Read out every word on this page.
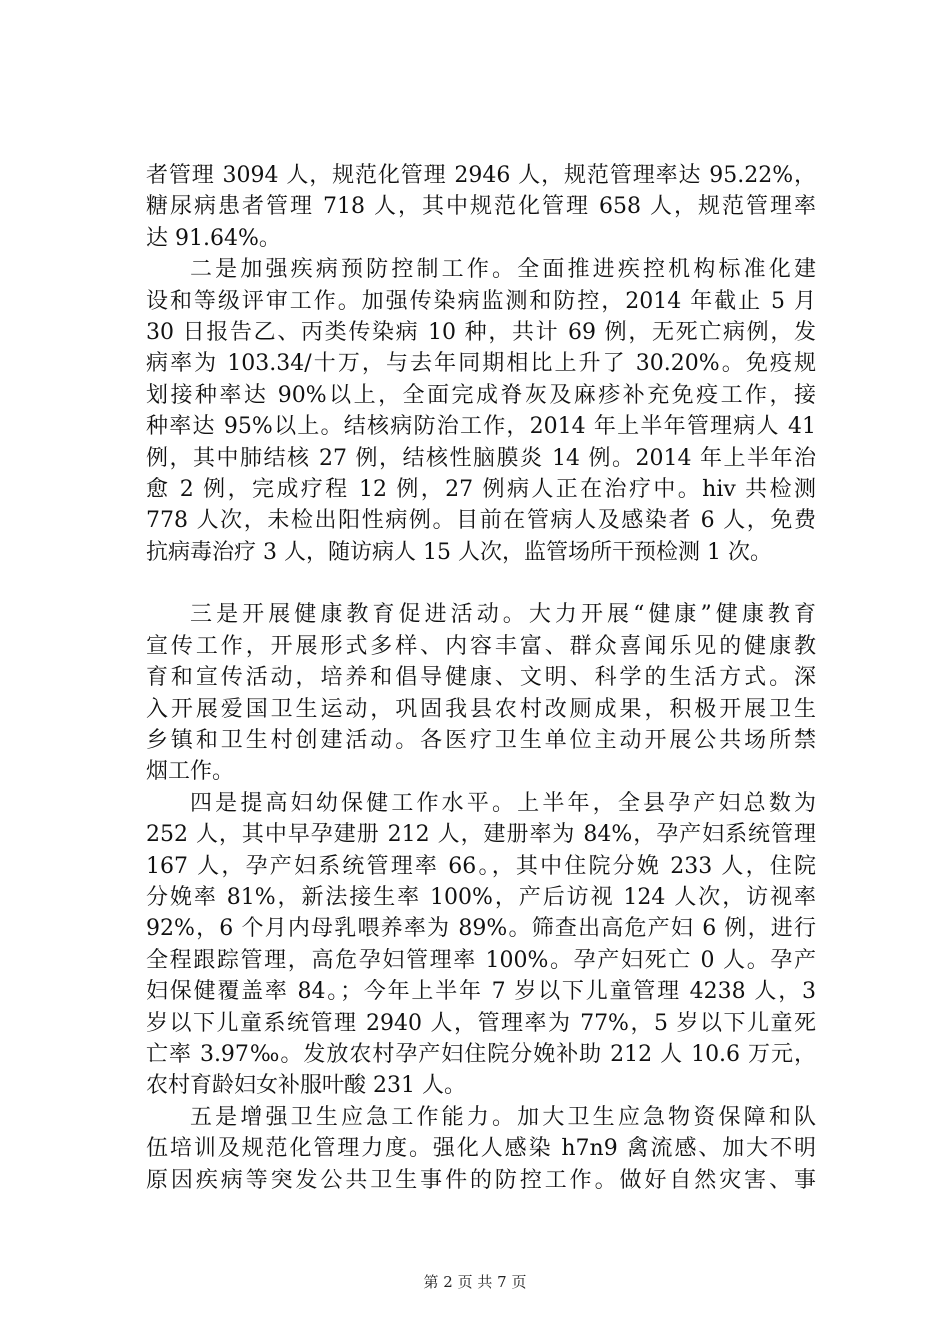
者管理 3094 人，规范化管理 2946 人，规范管理率达 95.22%，
糖尿病患者管理 718 人，其中规范化管理 658 人，规范管理率
达 91.64%。
二是加强疾病预防控制工作。全面推进疾控机构标准化建
设和等级评审工作。加强传染病监测和防控，2014 年截止 5 月
30 日报告乙、丙类传染病 10 种，共计 69 例，无死亡病例，发
病率为 103.34/十万，与去年同期相比上升了 30.20%。免疫规
划接种率达 90%以上，全面完成脊灰及麻疹补充免疫工作，接
种率达 95%以上。结核病防治工作，2014 年上半年管理病人 41
例，其中肺结核 27 例，结核性脑膜炎 14 例。2014 年上半年治
愈 2 例，完成疗程 12 例，27 例病人正在治疗中。hiv 共检测
778 人次，未检出阳性病例。目前在管病人及感染者 6 人，免费
抗病毒治疗 3 人，随访病人 15 人次，监管场所干预检测 1 次。
三是开展健康教育促进活动。大力开展“健康”健康教育
宣传工作，开展形式多样、内容丰富、群众喜闻乐见的健康教
育和宣传活动，培养和倡导健康、文明、科学的生活方式。深
入开展爱国卫生运动，巩固我县农村改厕成果，积极开展卫生
乡镇和卫生村创建活动。各医疗卫生单位主动开展公共场所禁
烟工作。
四是提高妇幼保健工作水平。上半年，全县孕产妇总数为
252 人，其中早孕建册 212 人，建册率为 84%，孕产妇系统管理
167 人，孕产妇系统管理率 66。，其中住院分娩 233 人，住院
分娩率 81%，新法接生率 100%，产后访视 124 人次，访视率
92%，6 个月内母乳喂养率为 89%。筛查出高危产妇 6 例，进行
全程跟踪管理，高危孕妇管理率 100%。孕产妇死亡 0 人。孕产
妇保健覆盖率 84。；今年上半年 7 岁以下儿童管理 4238 人，3
岁以下儿童系统管理 2940 人，管理率为 77%，5 岁以下儿童死
亡率 3.97‰。发放农村孕产妇住院分娩补助 212 人 10.6 万元，
农村育龄妇女补服叶酸 231 人。
五是增强卫生应急工作能力。加大卫生应急物资保障和队
伍培训及规范化管理力度。强化人感染 h7n9 禽流感、加大不明
原因疾病等突发公共卫生事件的防控工作。做好自然灾害、事
第 2 页 共 7 页
